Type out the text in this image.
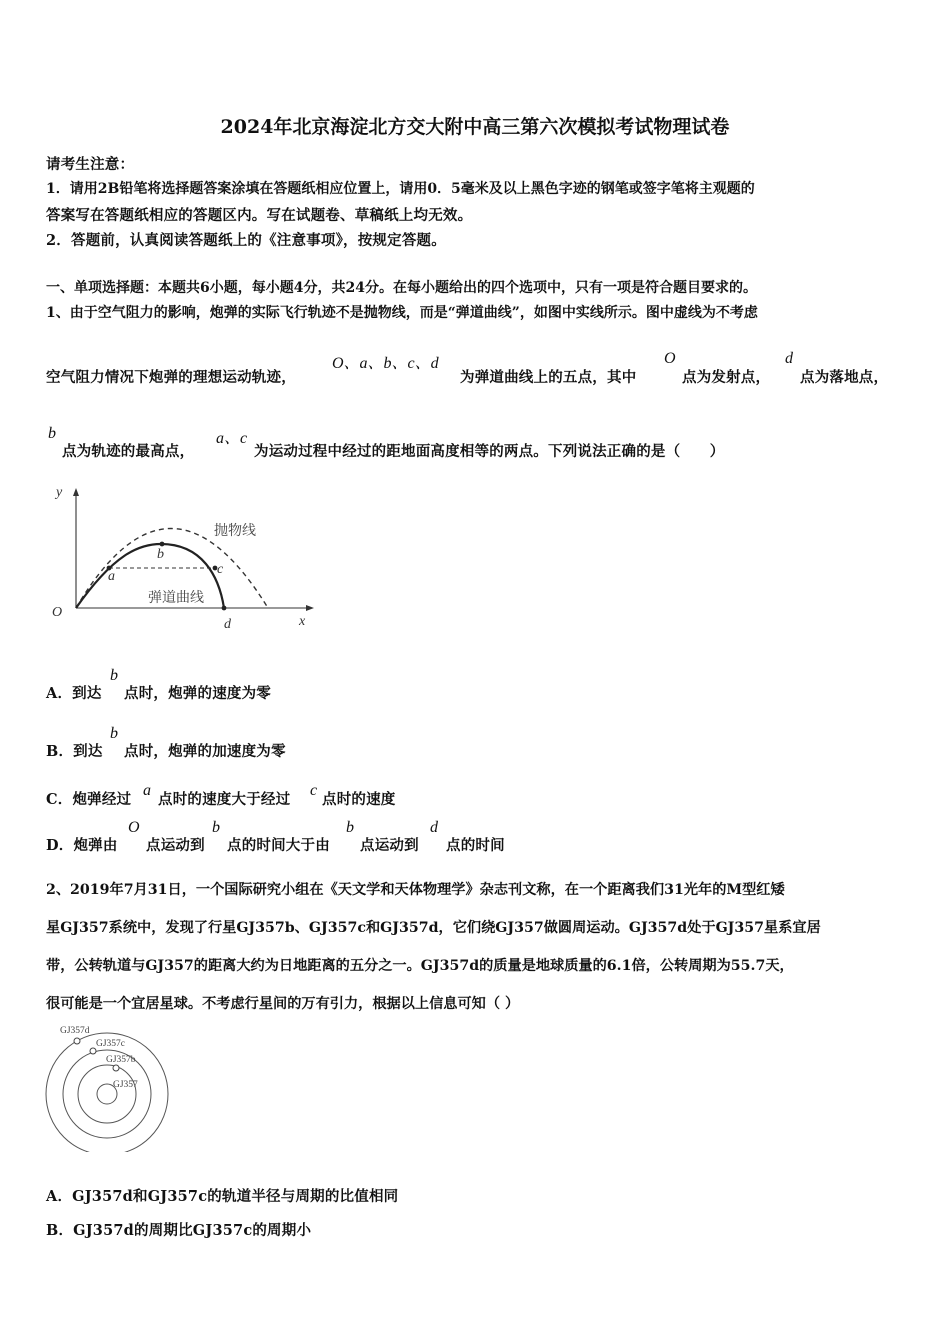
2024年北京海淀北方交大附中高三第六次模拟考试物理试卷
请考生注意：
1．请用2B铅笔将选择题答案涂填在答题纸相应位置上，请用0．5毫米及以上黑色字迹的钢笔或签字笔将主观题的
答案写在答题纸相应的答题区内。写在试题卷、草稿纸上均无效。
2．答题前，认真阅读答题纸上的《注意事项》，按规定答题。
一、单项选择题：本题共6小题，每小题4分，共24分。在每小题给出的四个选项中，只有一项是符合题目要求的。
1、由于空气阻力的影响，炮弹的实际飞行轨迹不是抛物线，而是“弹道曲线”，如图中实线所示。图中虚线为不考虑
空气阻力情况下炮弹的理想运动轨迹，
O、a、b、c、d
为弹道曲线上的五点，其中
O
点为发射点，
d
点为落地点，
b
点为轨迹的最高点，
a、c
为运动过程中经过的距地面高度相等的两点。下列说法正确的是（　　）
y
x
O
a
b
c
d
抛物线
弹道曲线
A．到达
b
点时，炮弹的速度为零
B．到达
b
点时，炮弹的加速度为零
C．炮弹经过
a
点时的速度大于经过
c
点时的速度
D．炮弹由
O
点运动到
b
点的时间大于由
b
点运动到
d
点的时间
2、2019年7月31日，一个国际研究小组在《天文学和天体物理学》杂志刊文称，在一个距离我们31光年的M型红矮
星GJ357系统中，发现了行星GJ357b、GJ357c和GJ357d，它们绕GJ357做圆周运动。GJ357d处于GJ357星系宜居
带，公转轨道与GJ357的距离大约为日地距离的五分之一。GJ357d的质量是地球质量的6.1倍，公转周期为55.7天，
很可能是一个宜居星球。不考虑行星间的万有引力，根据以上信息可知（ ）
GJ357d
GJ357c
GJ357b
GJ357
A．GJ357d和GJ357c的轨道半径与周期的比值相同
B．GJ357d的周期比GJ357c的周期小
